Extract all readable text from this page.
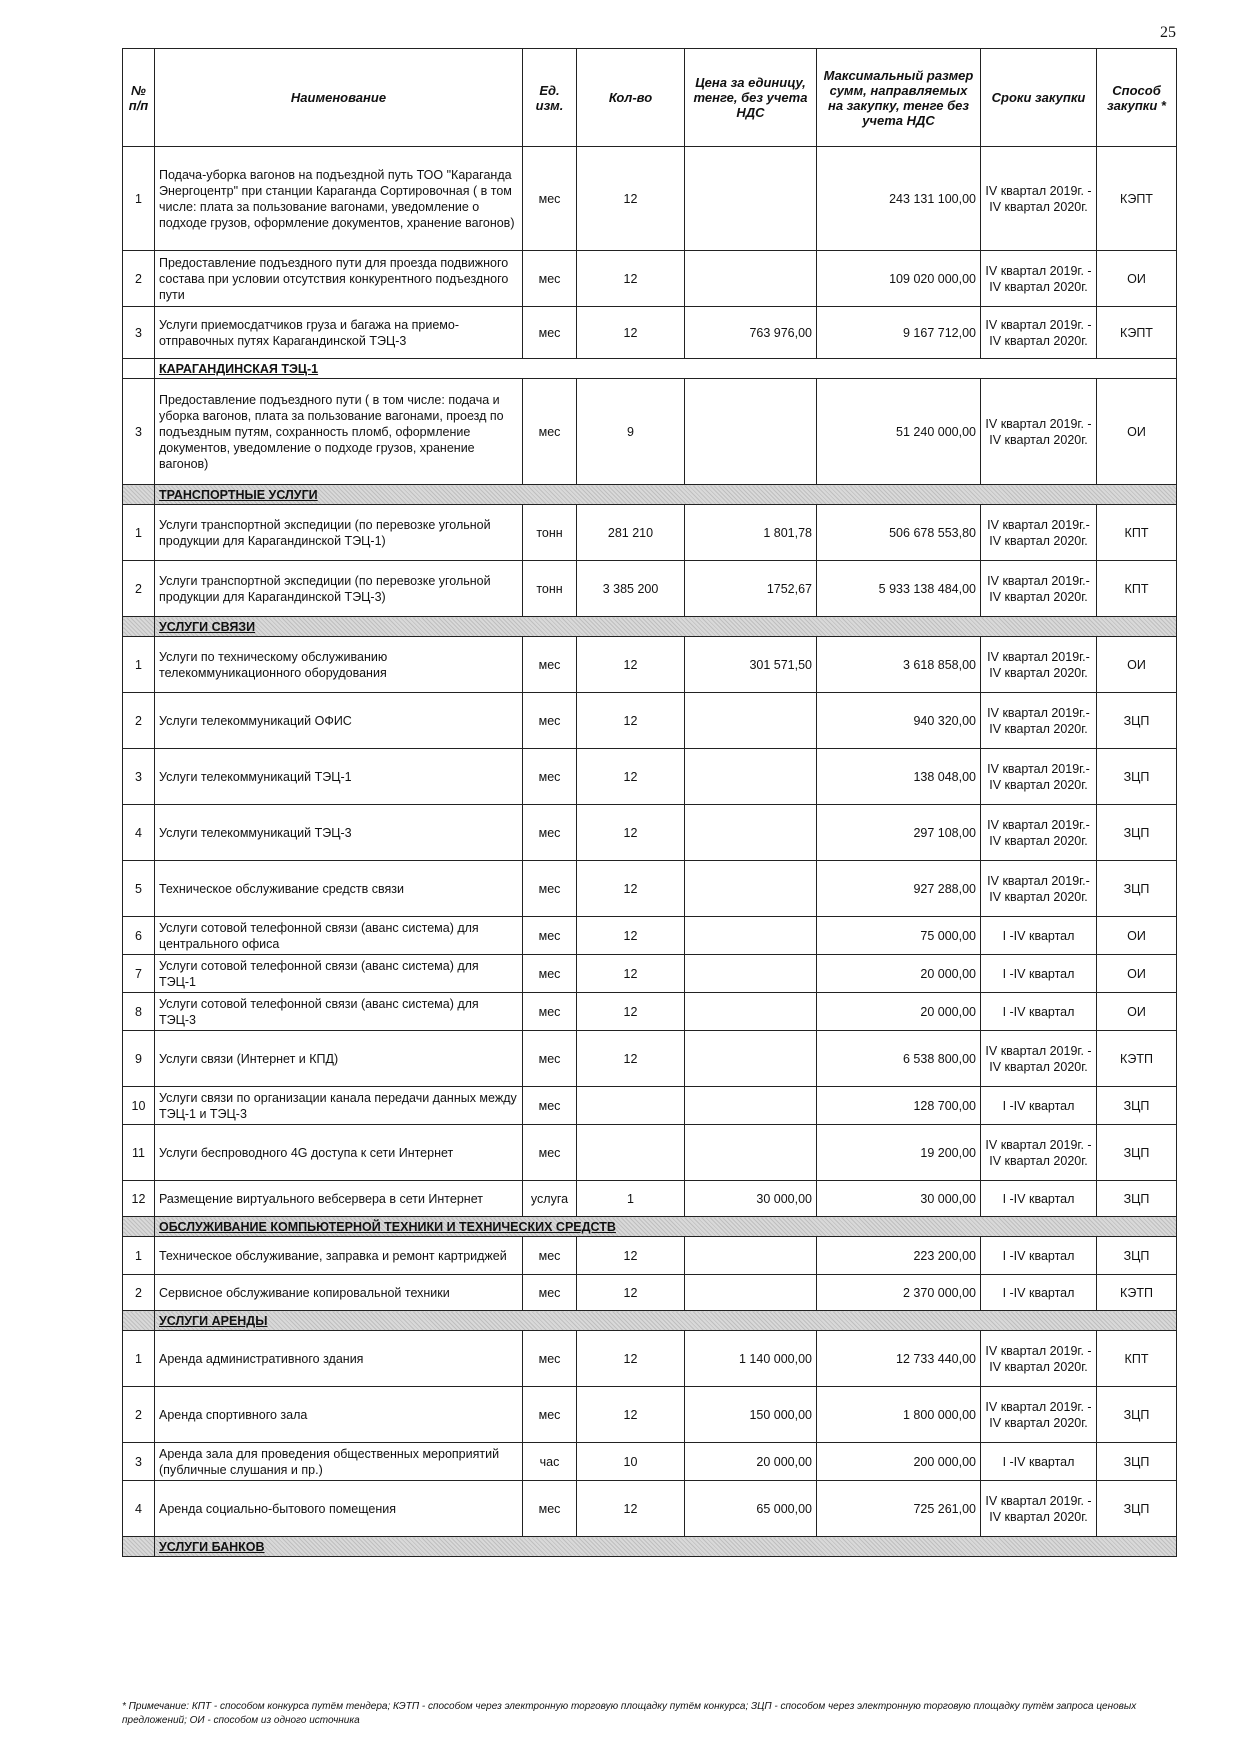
25
№ п/п	Наименование	Ед. изм.	Кол-во	Цена за единицу, тенге, без учета НДС	Максимальный размер сумм, направляемых на закупку, тенге без учета НДС	Сроки закупки	Способ закупки *
1	Подача-уборка вагонов на подъездной путь ТОО "Караганда Энергоцентр" при станции Караганда Сортировочная ( в том числе: плата за пользование вагонами, уведомление о подходе грузов, оформление документов, хранение вагонов)	мес	12		243 131 100,00	IV квартал 2019г. - IV квартал 2020г.	КЭПТ
2	Предоставление подъездного пути для проезда подвижного состава при условии отсутствия конкурентного подъездного пути	мес	12		109 020 000,00	IV квартал 2019г. - IV квартал 2020г.	ОИ
3	Услуги приемосдатчиков груза и багажа на приемо-отправочных путях Карагандинской ТЭЦ-3	мес	12	763 976,00	9 167 712,00	IV квартал 2019г. - IV квартал 2020г.	КЭПТ
	КАРАГАНДИНСКАЯ ТЭЦ-1						
3	Предоставление подъездного пути ( в том числе: подача и уборка вагонов, плата за пользование вагонами, проезд по подъездным путям, сохранность пломб, оформление документов, уведомление о подходе грузов, хранение вагонов)	мес	9		51 240 000,00	IV квартал 2019г. - IV квартал 2020г.	ОИ
	ТРАНСПОРТНЫЕ УСЛУГИ						
1	Услуги транспортной экспедиции (по перевозке угольной продукции для Карагандинской ТЭЦ-1)	тонн	281 210	1 801,78	506 678 553,80	IV квартал 2019г.-IV квартал 2020г.	КПТ
2	Услуги транспортной экспедиции (по перевозке угольной продукции для Карагандинской ТЭЦ-3)	тонн	3 385 200	1752,67	5 933 138 484,00	IV квартал 2019г.-IV квартал 2020г.	КПТ
	УСЛУГИ СВЯЗИ						
1	Услуги по техническому обслуживанию телекоммуникационного оборудования	мес	12	301 571,50	3 618 858,00	IV квартал 2019г.-IV квартал 2020г.	ОИ
2	Услуги телекоммуникаций ОФИС	мес	12		940 320,00	IV квартал 2019г.-IV квартал 2020г.	ЗЦП
3	Услуги телекоммуникаций ТЭЦ-1	мес	12		138 048,00	IV квартал 2019г.-IV квартал 2020г.	ЗЦП
4	Услуги телекоммуникаций ТЭЦ-3	мес	12		297 108,00	IV квартал 2019г.-IV квартал 2020г.	ЗЦП
5	Техническое обслуживание средств связи	мес	12		927 288,00	IV квартал 2019г.-IV квартал 2020г.	ЗЦП
6	Услуги сотовой телефонной связи (аванс система) для центрального офиса	мес	12		75 000,00	I -IV квартал	ОИ
7	Услуги сотовой телефонной связи (аванс система) для ТЭЦ-1	мес	12		20 000,00	I -IV квартал	ОИ
8	Услуги сотовой телефонной связи (аванс система) для ТЭЦ-3	мес	12		20 000,00	I -IV квартал	ОИ
9	Услуги связи (Интернет и КПД)	мес	12		6 538 800,00	IV квартал 2019г. - IV квартал 2020г.	КЭТП
10	Услуги связи по организации канала передачи данных между ТЭЦ-1 и ТЭЦ-3	мес			128 700,00	I -IV квартал	ЗЦП
11	Услуги беспроводного 4G доступа к сети Интернет	мес			19 200,00	IV квартал 2019г. - IV квартал 2020г.	ЗЦП
12	Размещение виртуального вебсервера в сети Интернет	услуга	1	30 000,00	30 000,00	I -IV квартал	ЗЦП
	ОБСЛУЖИВАНИЕ КОМПЬЮТЕРНОЙ ТЕХНИКИ И ТЕХНИЧЕСКИХ СРЕДСТВ						
1	Техническое обслуживание, заправка и ремонт картриджей	мес	12		223 200,00	I -IV квартал	ЗЦП
2	Сервисное обслуживание копировальной техники	мес	12		2 370 000,00	I -IV квартал	КЭТП
	УСЛУГИ АРЕНДЫ						
1	Аренда административного здания	мес	12	1 140 000,00	12 733 440,00	IV квартал 2019г. - IV квартал 2020г.	КПТ
2	Аренда спортивного зала	мес	12	150 000,00	1 800 000,00	IV квартал 2019г. - IV квартал 2020г.	ЗЦП
3	Аренда зала для проведения общественных мероприятий (публичные слушания и пр.)	час	10	20 000,00	200 000,00	I -IV квартал	ЗЦП
4	Аренда социально-бытового помещения	мес	12	65 000,00	725 261,00	IV квартал 2019г. - IV квартал 2020г.	ЗЦП
	УСЛУГИ БАНКОВ						
* Примечание: КПТ - способом конкурса путём тендера; КЭТП - способом через электронную торговую площадку путём конкурса; ЗЦП - способом через электронную торговую площадку путём запроса ценовых предложений; ОИ - способом из одного источника
